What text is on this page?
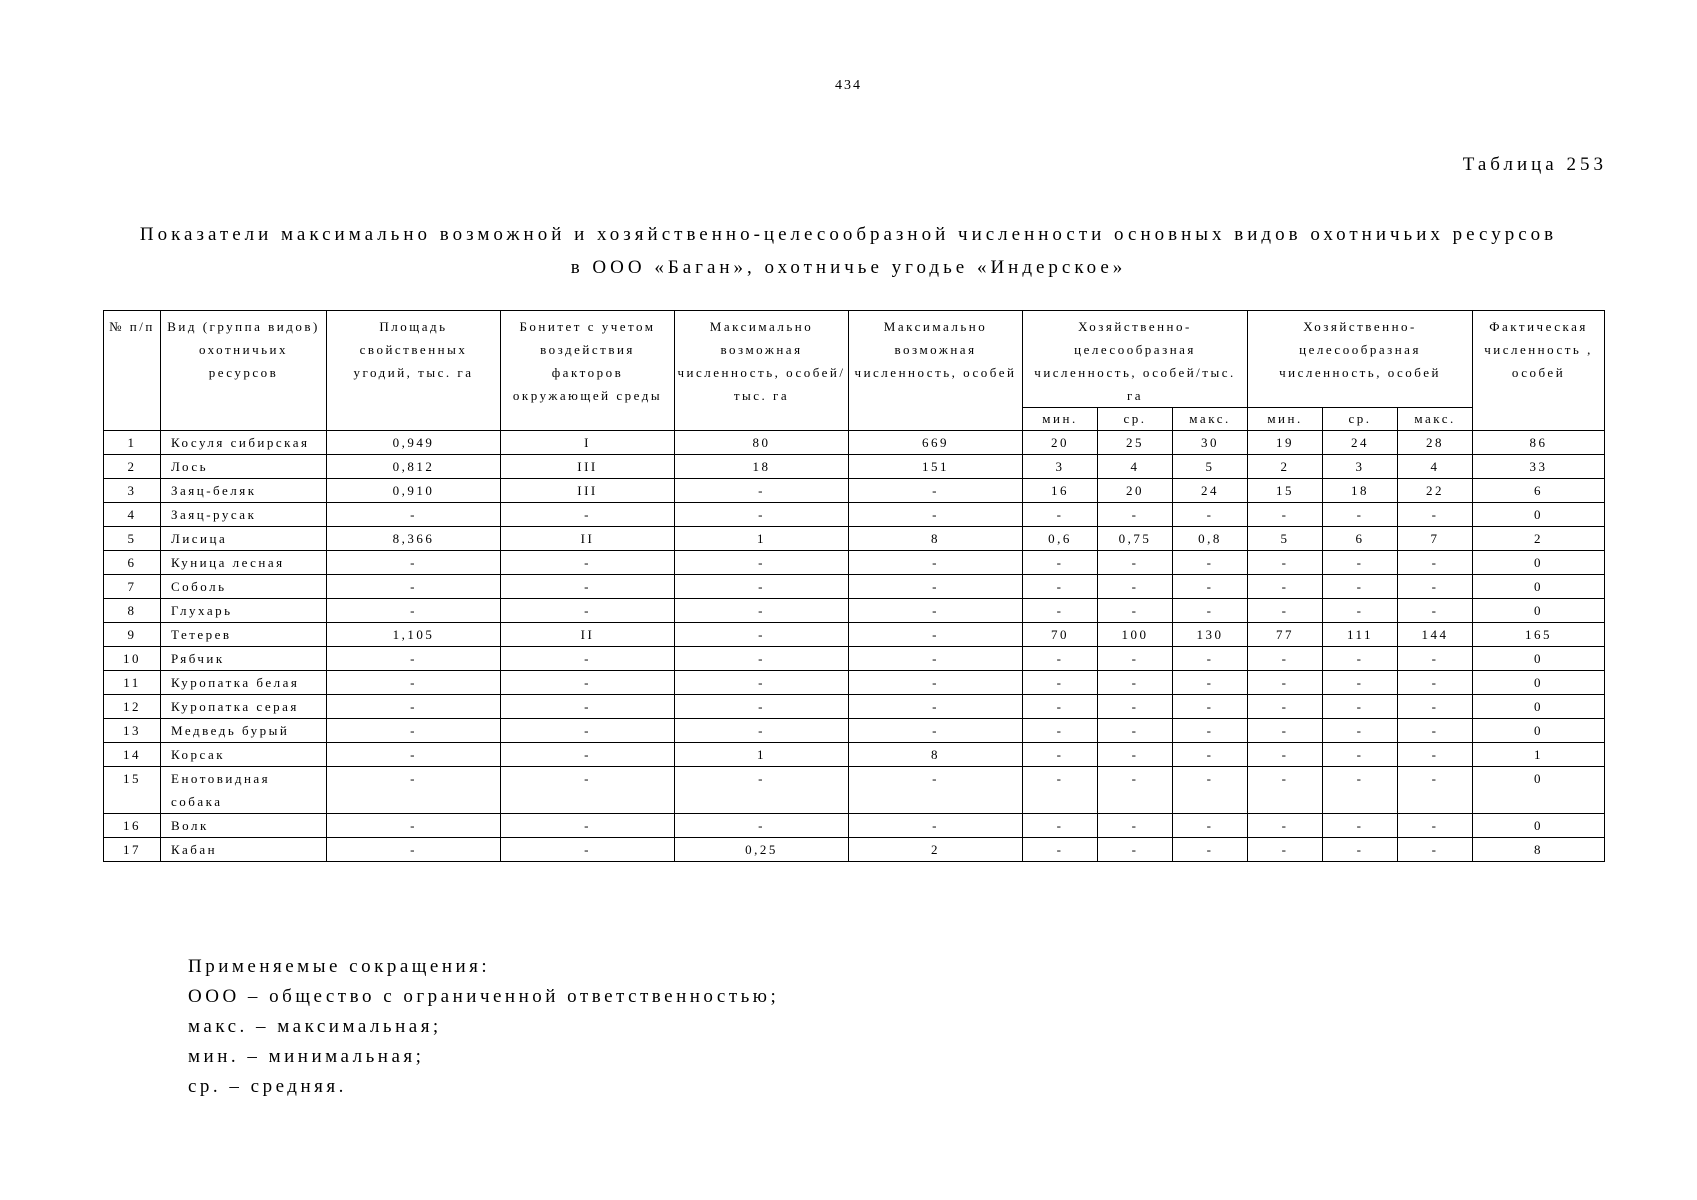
434
Таблица 253
Показатели максимально возможной и хозяйственно-целесообразной численности основных видов охотничьих ресурсов
в ООО «Баган», охотничье угодье «Индерское»
№ п/п	Вид (группа видов) охотничьих ресурсов	Площадь свойственных угодий, тыс. га	Бонитет с учетом воздействия факторов окружающей среды	Максимально возможная численность, особей/тыс. га	Максимально возможная численность, особей	Хозяйственно-целесообразная численность, особей/тыс. га			Хозяйственно-целесообразная численность, особей			Фактическая численность , особей
						мин.	ср.	макс.	мин.	ср.	макс.	
1	Косуля сибирская	0,949	I	80	669	20	25	30	19	24	28	86
2	Лось	0,812	III	18	151	3	4	5	2	3	4	33
3	Заяц-беляк	0,910	III	-	-	16	20	24	15	18	22	6
4	Заяц-русак	-	-	-	-	-	-	-	-	-	-	0
5	Лисица	8,366	II	1	8	0,6	0,75	0,8	5	6	7	2
6	Куница лесная	-	-	-	-	-	-	-	-	-	-	0
7	Соболь	-	-	-	-	-	-	-	-	-	-	0
8	Глухарь	-	-	-	-	-	-	-	-	-	-	0
9	Тетерев	1,105	II	-	-	70	100	130	77	111	144	165
10	Рябчик	-	-	-	-	-	-	-	-	-	-	0
11	Куропатка белая	-	-	-	-	-	-	-	-	-	-	0
12	Куропатка серая	-	-	-	-	-	-	-	-	-	-	0
13	Медведь бурый	-	-	-	-	-	-	-	-	-	-	0
14	Корсак	-	-	1	8	-	-	-	-	-	-	1
15	Енотовидная собака	-	-	-	-	-	-	-	-	-	-	0
16	Волк	-	-	-	-	-	-	-	-	-	-	0
17	Кабан	-	-	0,25	2	-	-	-	-	-	-	8
Применяемые сокращения:
ООО – общество с ограниченной ответственностью;
макс. – максимальная;
мин. – минимальная;
ср. – средняя.
